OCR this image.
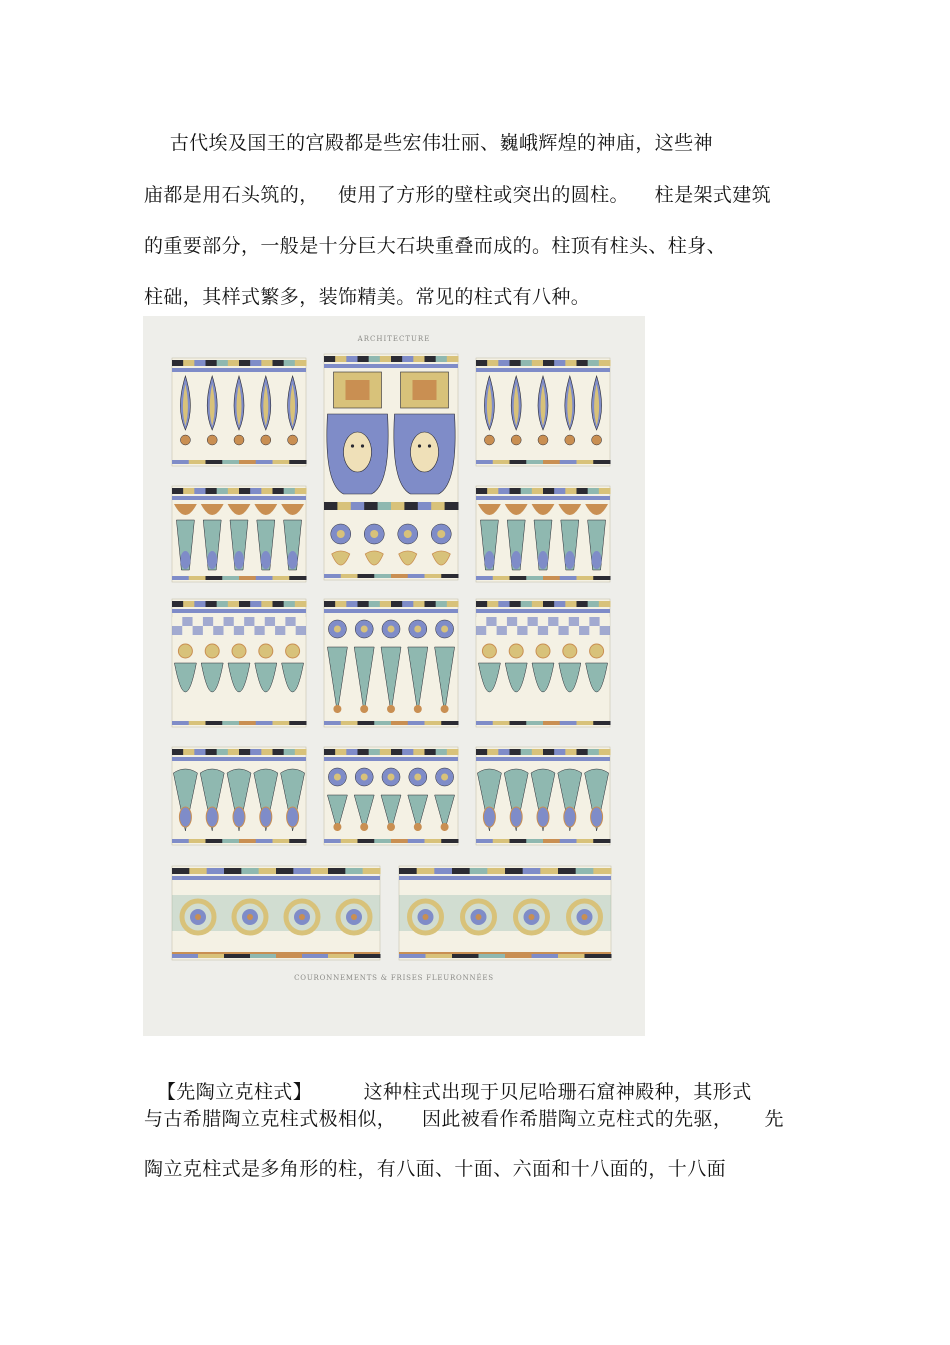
古代埃及国王的宫殿都是些宏伟壮丽、巍峨辉煌的神庙，这些神
庙都是用石头筑的，   使用了方形的壁柱或突出的圆柱。    柱是架式建筑
的重要部分，一般是十分巨大石块重叠而成的。柱顶有柱头、柱身、
柱础，其样式繁多，装饰精美。常见的柱式有八种。
ARCHITECTURE
COURONNEMENTS & FRISES FLEURONNÉES

【先陶立克柱式】        这种柱式出现于贝尼哈珊石窟神殿种，其形式

与古希腊陶立克柱式极相似，    因此被看作希腊陶立克柱式的先驱，     先
陶立克柱式是多角形的柱，有八面、十面、六面和十八面的，十八面
